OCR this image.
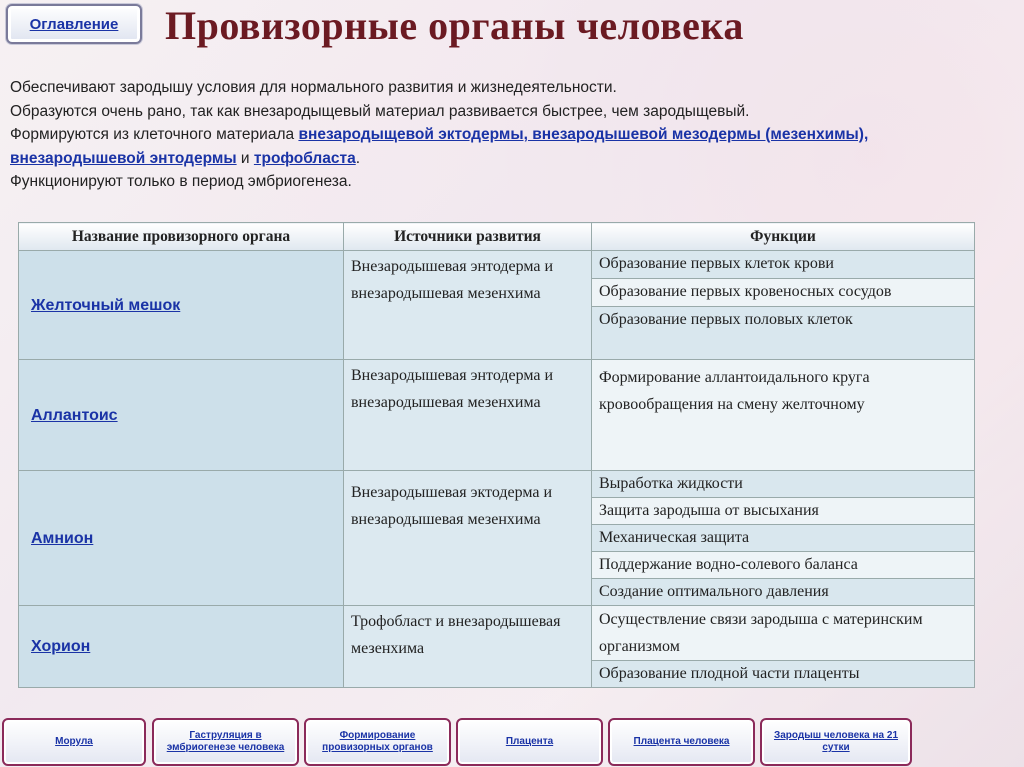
Оглавление Провизорные органы человека

Обеспечивают зародышу условия для нормального развития и жизнедеятельности.

Образуются очень рано, так как внезародыщевый материал развивается быстрее, чем зародыщевый.

Формируются из клеточного материала внезародыщевой эктодермы, внезародышевой мезодермы (мезенхимы),

внезародышевой энтодермы и трофобласта.

Функционируют только в период эмбриогенеза.

Название провизорного органа	Источники развития	Функции
Желточный мешок	Внезародышевая энтодерма и внезародышевая мезенхима	Образование первых клеток крови
		Образование первых кровеносных сосудов
		Образование первых половых клеток
Аллантоис	Внезародышевая энтодерма и внезародышевая мезенхима	Формирование аллантоидального круга кровообращения на смену желточному
Амнион	Внезародышевая эктодерма и внезародышевая мезенхима	Выработка жидкости
		Защита зародыша от высыхания
		Механическая защита
		Поддержание водно-солевого баланса
		Создание оптимального давления
Хорион	Трофобласт и внезародышевая мезенхима	Осуществление связи зародыша с материнским организмом
		Образование плодной части плаценты
Морула
Гаструляция в эмбриогенезе человека
Формирование провизорных органов
Плацента	Плацента человека
Зародыш человека на 21 сутки
